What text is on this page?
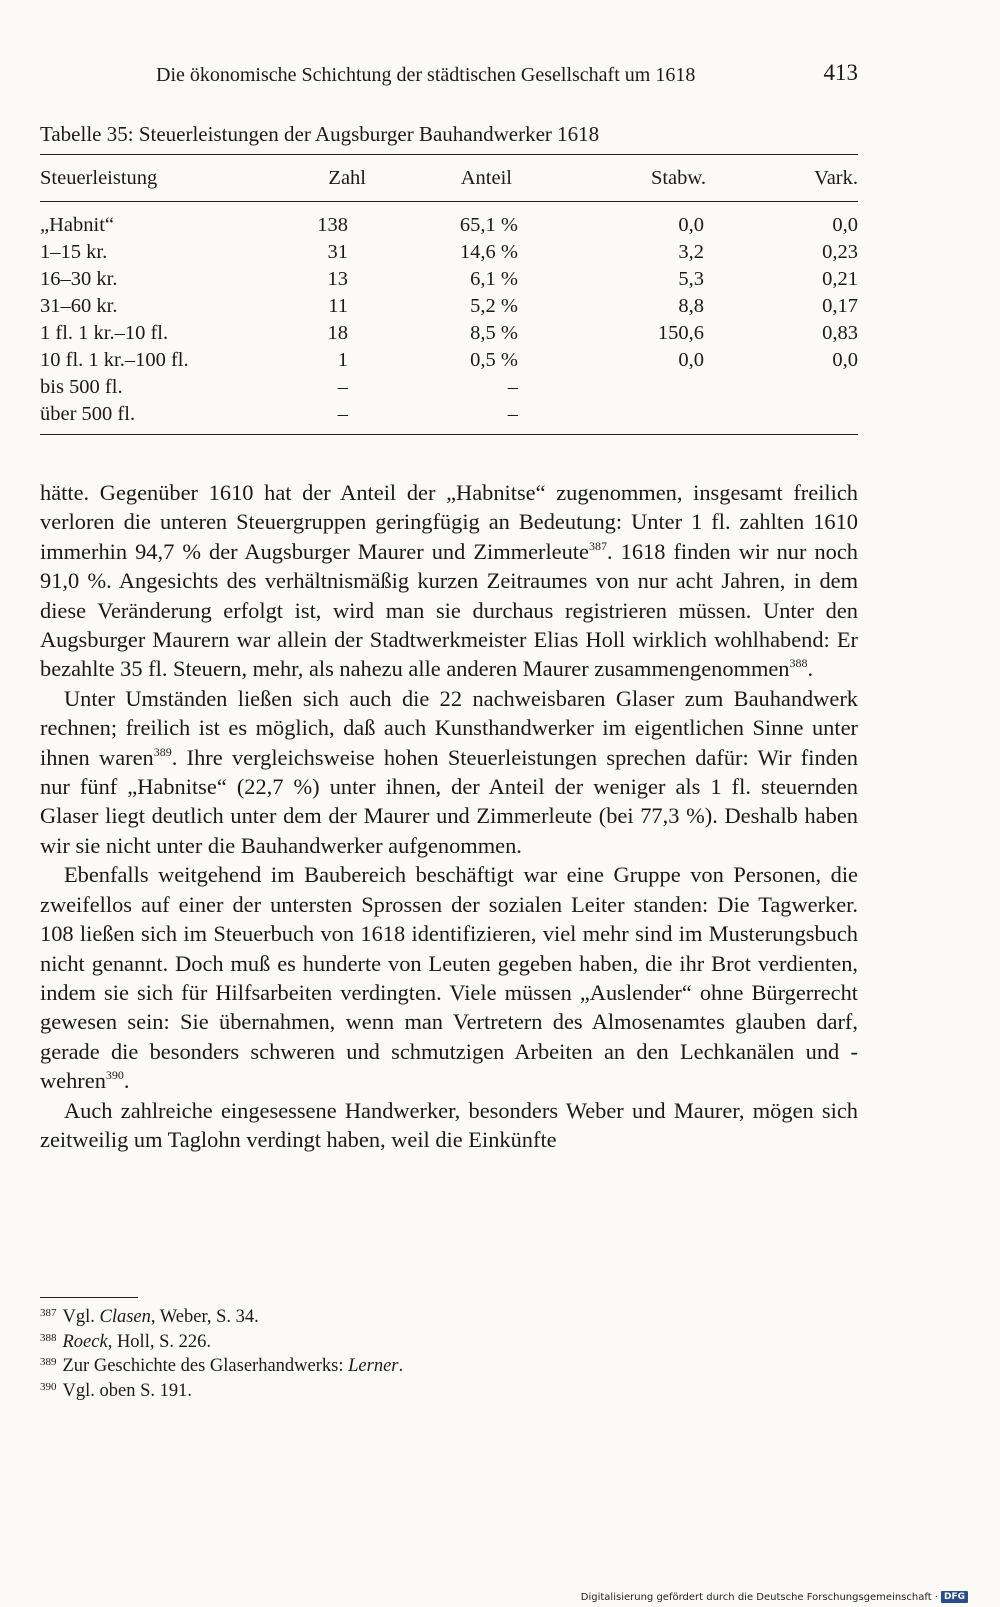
Die ökonomische Schichtung der städtischen Gesellschaft um 1618	413
Tabelle 35: Steuerleistungen der Augsburger Bauhandwerker 1618
Steuerleistung	Zahl	Anteil	Stabw.	Vark.
„Habnit“	138	65,1 %	0,0	0,0
1–15 kr.	31	14,6 %	3,2	0,23
16–30 kr.	13	6,1 %	5,3	0,21
31–60 kr.	11	5,2 %	8,8	0,17
1 fl. 1 kr.–10 fl.	18	8,5 %	150,6	0,83
10 fl. 1 kr.–100 fl.	1	0,5 %	0,0	0,0
bis 500 fl.	–	–
über 500 fl.	–	–

hätte. Gegenüber 1610 hat der Anteil der „Habnitse“ zugenommen, insgesamt freilich verloren die unteren Steuergruppen geringfügig an Bedeutung: Unter 1 fl. zahlten 1610 immerhin 94,7 % der Augsburger Maurer und Zimmerleute$^{387}$. 1618 finden wir nur noch 91,0 %. Angesichts des verhältnismäßig kurzen Zeitraumes von nur acht Jahren, in dem diese Veränderung erfolgt ist, wird man sie durchaus registrieren müssen. Unter den Augsburger Maurern war allein der Stadtwerkmeister Elias Holl wirklich wohlhabend: Er bezahlte 35 fl. Steuern, mehr, als nahezu alle anderen Maurer zusammengenommen$^{388}$.

Unter Umständen ließen sich auch die 22 nachweisbaren Glaser zum Bauhandwerk rechnen; freilich ist es möglich, daß auch Kunsthandwerker im eigentlichen Sinne unter ihnen waren$^{389}$. Ihre vergleichsweise hohen Steuerleistungen sprechen dafür: Wir finden nur fünf „Habnitse“ (22,7 %) unter ihnen, der Anteil der weniger als 1 fl. steuernden Glaser liegt deutlich unter dem der Maurer und Zimmerleute (bei 77,3 %). Deshalb haben wir sie nicht unter die Bauhandwerker aufgenommen.

Ebenfalls weitgehend im Baubereich beschäftigt war eine Gruppe von Personen, die zweifellos auf einer der untersten Sprossen der sozialen Leiter standen: Die Tagwerker. 108 ließen sich im Steuerbuch von 1618 identifizieren, viel mehr sind im Musterungsbuch nicht genannt. Doch muß es hunderte von Leuten gegeben haben, die ihr Brot verdienten, indem sie sich für Hilfsarbeiten verdingten. Viele müssen „Auslender“ ohne Bürgerrecht gewesen sein: Sie übernahmen, wenn man Vertretern des Almosenamtes glauben darf, gerade die besonders schweren und schmutzigen Arbeiten an den Lechkanälen und -wehren$^{390}$.

Auch zahlreiche eingesessene Handwerker, besonders Weber und Maurer, mögen sich zeitweilig um Taglohn verdingt haben, weil die Einkünfte

$^{387}$ Vgl. Clasen, Weber, S. 34.
$^{388}$ Roeck, Holl, S. 226.
$^{389}$ Zur Geschichte des Glaserhandwerks: Lerner.
$^{390}$ Vgl. oben S. 191.
Digitalisierung gefördert durch die Deutsche Forschungsgemeinschaft · DFG
